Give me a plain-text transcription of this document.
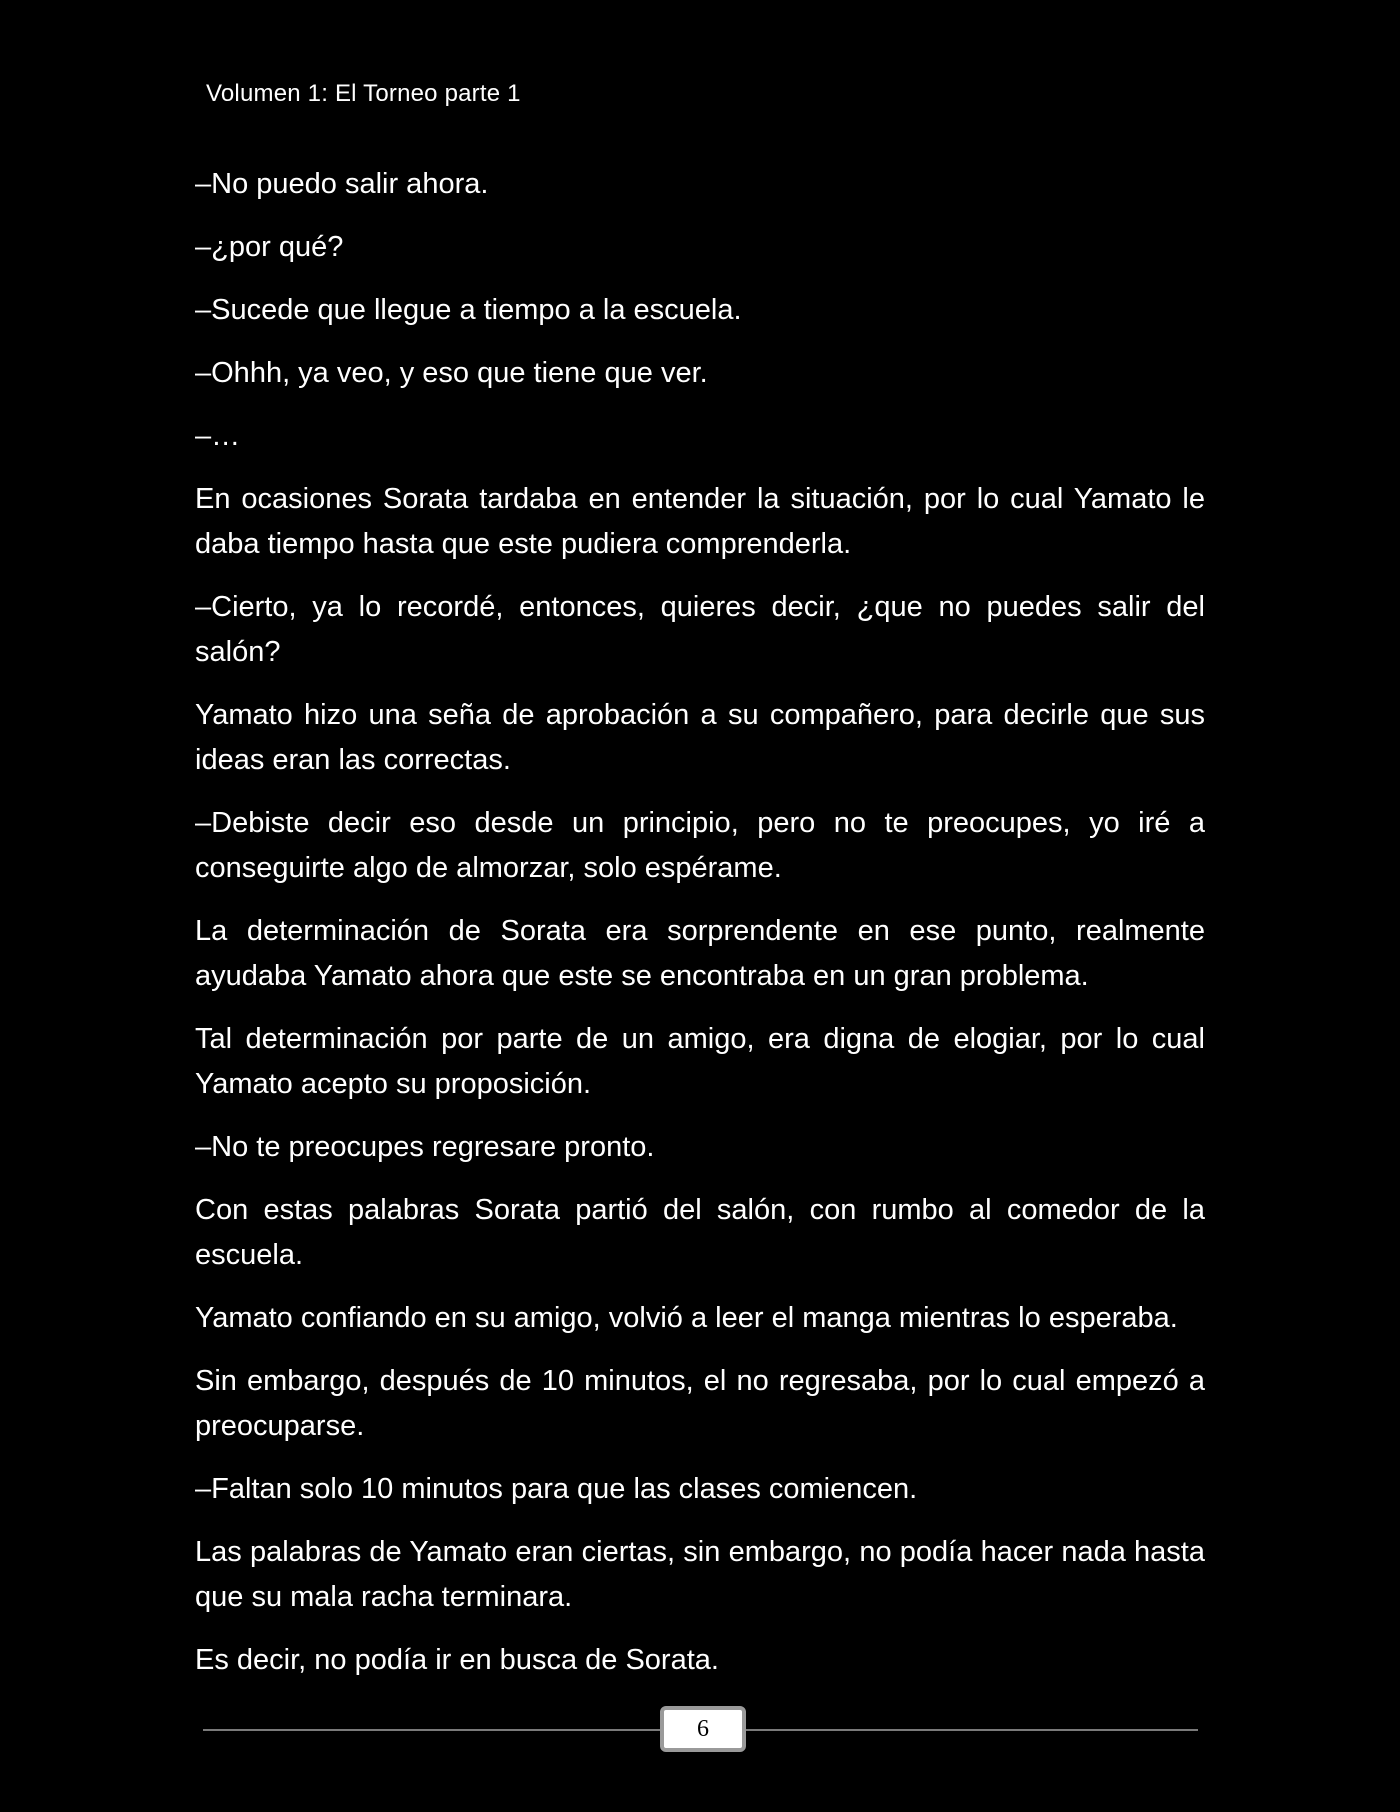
Volumen 1: El Torneo parte 1

–No puedo salir ahora.

–¿por qué?

–Sucede que llegue a tiempo a la escuela.

–Ohhh, ya veo, y eso que tiene que ver.

–…

En ocasiones Sorata tardaba en entender la situación, por lo cual Yamato le daba tiempo hasta que este pudiera comprenderla.

–Cierto, ya lo recordé, entonces, quieres decir, ¿que no puedes salir del salón?

Yamato hizo una seña de aprobación a su compañero, para decirle que sus ideas eran las correctas.

–Debiste decir eso desde un principio, pero no te preocupes, yo iré a conseguirte algo de almorzar, solo espérame.

La determinación de Sorata era sorprendente en ese punto, realmente ayudaba Yamato ahora que este se encontraba en un gran problema.

Tal determinación por parte de un amigo, era digna de elogiar, por lo cual Yamato acepto su proposición.

–No te preocupes regresare pronto.

Con estas palabras Sorata partió del salón, con rumbo al comedor de la escuela.

Yamato confiando en su amigo, volvió a leer el manga mientras lo esperaba.

Sin embargo, después de 10 minutos, el no regresaba, por lo cual empezó a preocuparse.

–Faltan solo 10 minutos para que las clases comiencen.

Las palabras de Yamato eran ciertas, sin embargo, no podía hacer nada hasta que su mala racha terminara.

Es decir, no podía ir en busca de Sorata.

6
